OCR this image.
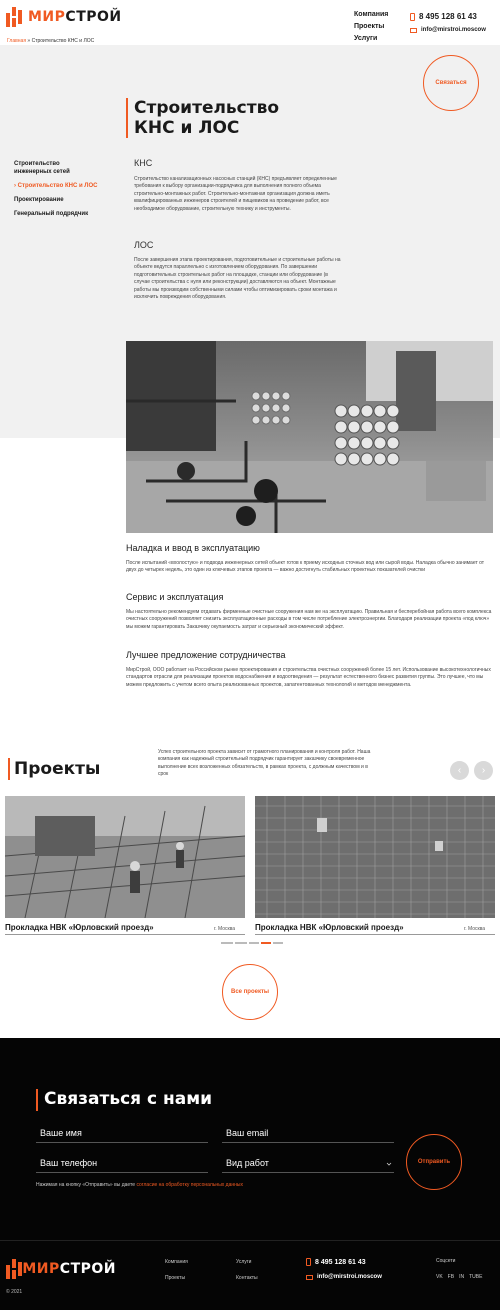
МИРСТРОЙ	Компания
Проекты
Услуги
8 495 128 61 43
info@mirstroi.moscow
Главная » Строительство КНС и ЛОС
Связаться
Строительство
КНС и ЛОС
Строительство
инженерных сетей
› Строительство КНС и ЛОС
Проектирование
Генеральный подрядчик
КНС
Строительство канализационных насосных станций (КНС) предъявляет определенные требования к выбору организации-подрядчика для выполнения полного объема строительно-монтажных работ. Строительно-монтажная организация должна иметь квалифицированных инженеров строителей и пищевиков на проведение работ, все необходимое оборудование, строительную технику и инструменты.
ЛОС
После завершения этапа проектирования, подготовительные и строительные работы на объекте ведутся параллельно с изготовлением оборудования. По завершении подготовительных строительных работ на площадке, станции или оборудование (в случае строительства с нуля или реконструкции) доставляются на объект. Монтажные работы мы производим собственными силами чтобы оптимизировать сроки монтажа и исключить повреждения оборудования.
Наладка и ввод в эксплуатацию
После испытаний «вхолостую» и подвода инженерных сетей объект готов к приему исходных сточных вод или сырой воды. Наладка обычно занимает от двух до четырех недель, это один из ключевых этапов проекта — важно достигнуть стабильных проектных показателей очистки
Сервис и эксплуатация
Мы настоятельно рекомендуем отдавать фирменные очистные сооружения нам же на эксплуатацию. Правильная и бесперебойная работа всего комплекса очистных сооружений позволяет снизить эксплуатационные расходы в том числе потребление электроэнергии. Благодаря реализации проекта «под ключ» мы можем гарантировать Заказчику окупаемость затрат и серьезный экономический эффект.
Лучшее предложение сотрудничества
МирСтрой, ООО работает на Российском рынке проектирования и строительства очистных сооружений более 15 лет. Использование высокотехнологичных стандартов отрасли для реализации проектов водоснабжения и водоотведения — результат естественного бизнес развития группы. Это лучшее, что мы можем предложить с учетом всего опыта реализованных проектов, запатентованных технологий и методов менеджмента.
Проекты
Успех строительного проекта зависит от грамотного планирования и контроля работ. Наша компания как надежный строительный подрядчик гарантирует заказчику своевременное выполнение всех возложенных обязательств, в рамках проекта, с должным качеством и в срок	‹ ›
Прокладка НВК «Юрловский проезд»	г. Москва Прокладка НВК «Юрловский проезд»	г. Москва
Все проекты
Связаться с нами
Ваше имя	Ваш email
Ваш телефон	Вид работ	Отправить
Нажимая на кнопку «Отправить» вы даете согласие на обработку персональных данных
МИРСТРОЙ	Компания
Проекты
Услуги
Контакты
8 495 128 61 43
info@mirstroi.moscow
Соцсети
VK FB IN TUBE
© 2021
